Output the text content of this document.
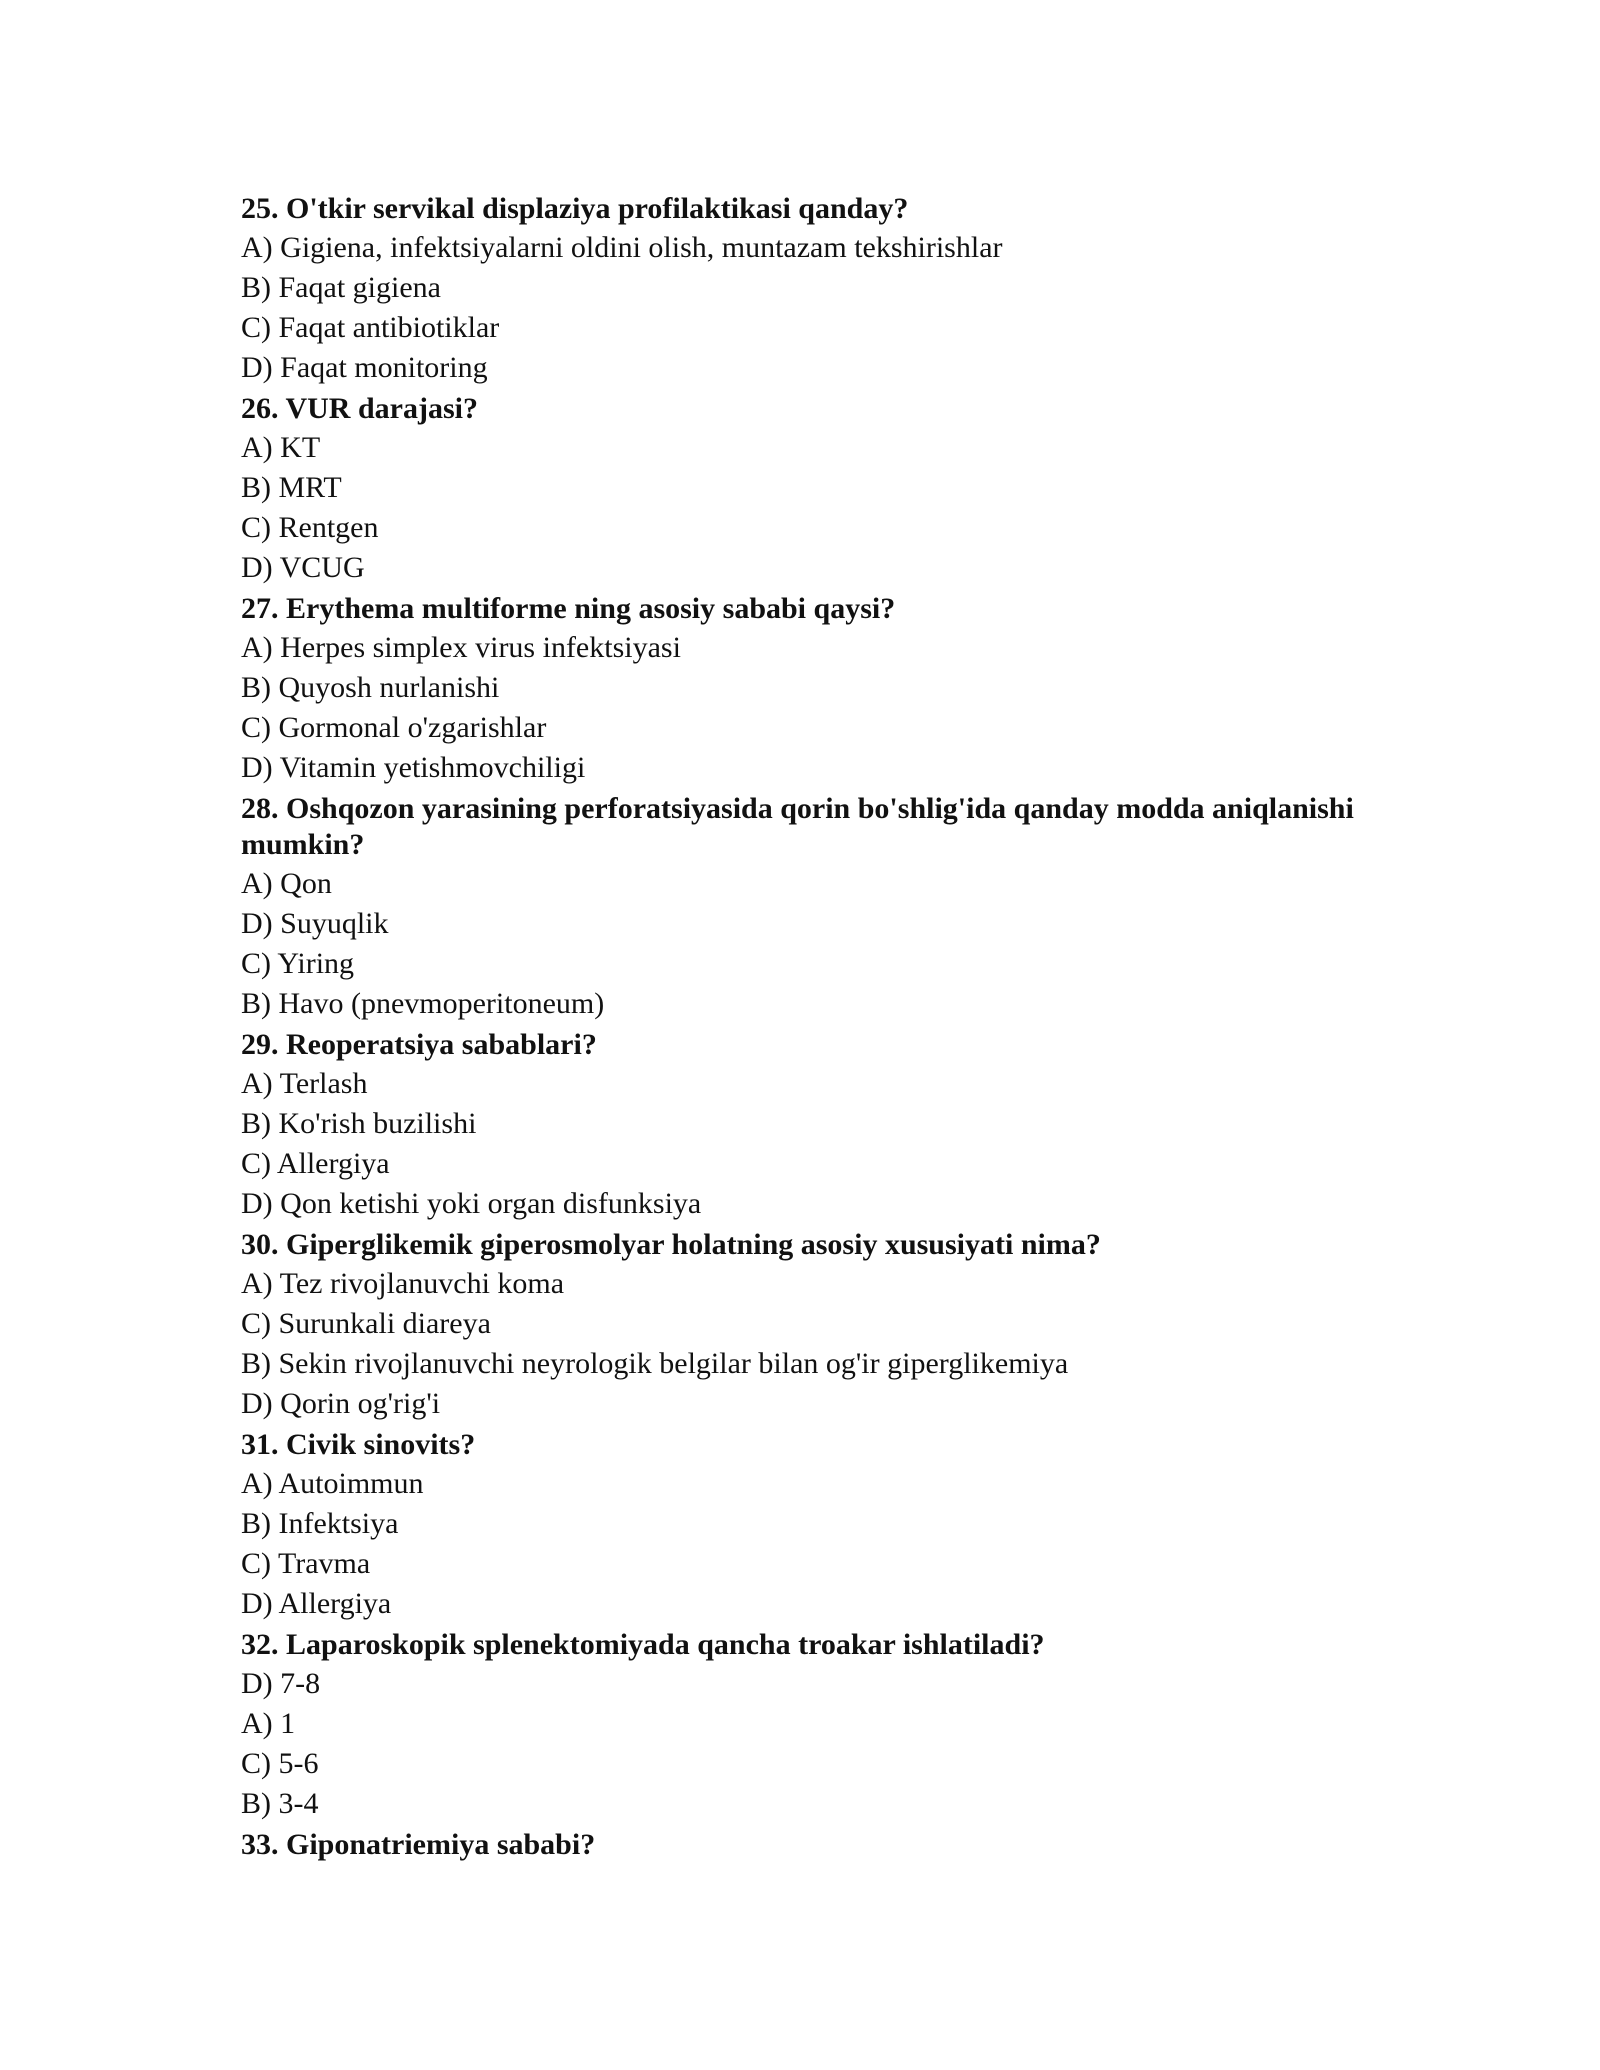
25. O'tkir servikal displaziya profilaktikasi qanday?

A) Gigiena, infektsiyalarni oldini olish, muntazam tekshirishlar

B) Faqat gigiena

C) Faqat antibiotiklar

D) Faqat monitoring

26. VUR darajasi?

A) KT

B) MRT

C) Rentgen

D) VCUG

27. Erythema multiforme ning asosiy sababi qaysi?

A) Herpes simplex virus infektsiyasi

B) Quyosh nurlanishi

C) Gormonal o'zgarishlar

D) Vitamin yetishmovchiligi

28. Oshqozon yarasining perforatsiyasida qorin bo'shlig'ida qanday modda aniqlanishi mumkin?

A) Qon

D) Suyuqlik

C) Yiring

B) Havo (pnevmoperitoneum)

29. Reoperatsiya sabablari?

A) Terlash

B) Ko'rish buzilishi

C) Allergiya

D) Qon ketishi yoki organ disfunksiya

30. Giperglikemik giperosmolyar holatning asosiy xususiyati nima?

A) Tez rivojlanuvchi koma

C) Surunkali diareya

B) Sekin rivojlanuvchi neyrologik belgilar bilan og'ir giperglikemiya

D) Qorin og'rig'i

31. Civik sinovits?

A) Autoimmun

B) Infektsiya

C) Travma

D) Allergiya

32. Laparoskopik splenektomiyada qancha troakar ishlatiladi?

D) 7-8

A) 1

C) 5-6

B) 3-4

33. Giponatriemiya sababi?
